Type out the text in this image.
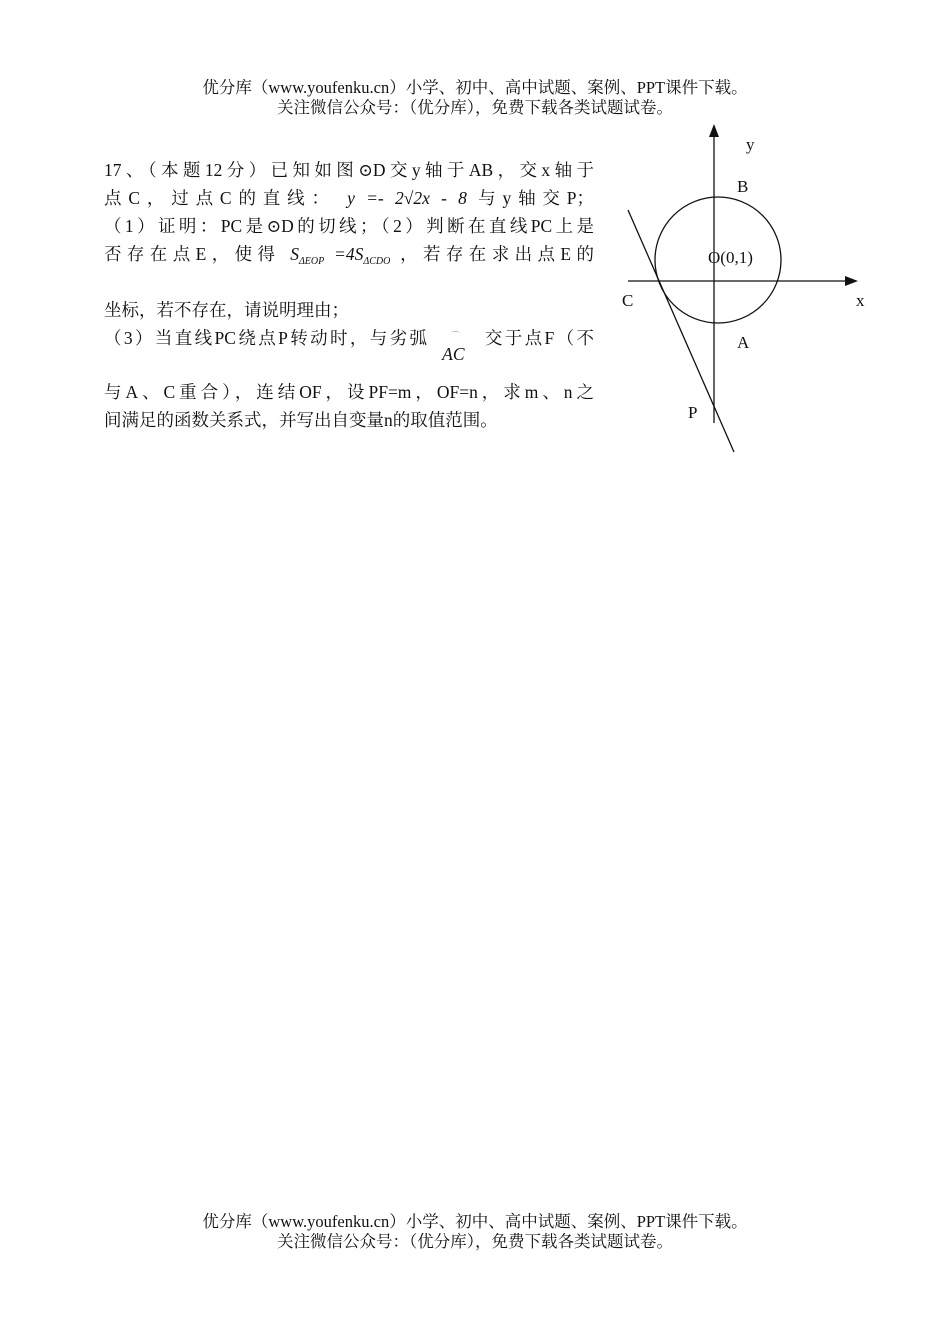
优分库（www.youfenku.cn）小学、初中、高中试题、案例、PPT课件下载。
关注微信公众号：（优分库），免费下载各类试题试卷。
17、（本题12分）已知如图⊙D交y轴于AB，交x轴于
点C，过点C的直线： y =- 2√2x - 8 与y轴交P；
（1）证明：PC是⊙D的切线；（2）判断在直线PC上是
否存在点E，使得 $S_{\Delta EOP} =4S_{\Delta CDO}$ ，若存在求出点E的
坐标，若不存在，请说明理由；
（3）当直线PC绕点P转动时，与劣弧 ⌒
AC
交于点F（不
与A、C重合），连结OF，设PF=m，OF=n，求m、n之
间满足的函数关系式，并写出自变量n的取值范围。
y
x
B
O(0,1)
C
A
P
优分库（www.youfenku.cn）小学、初中、高中试题、案例、PPT课件下载。
关注微信公众号：（优分库），免费下载各类试题试卷。
